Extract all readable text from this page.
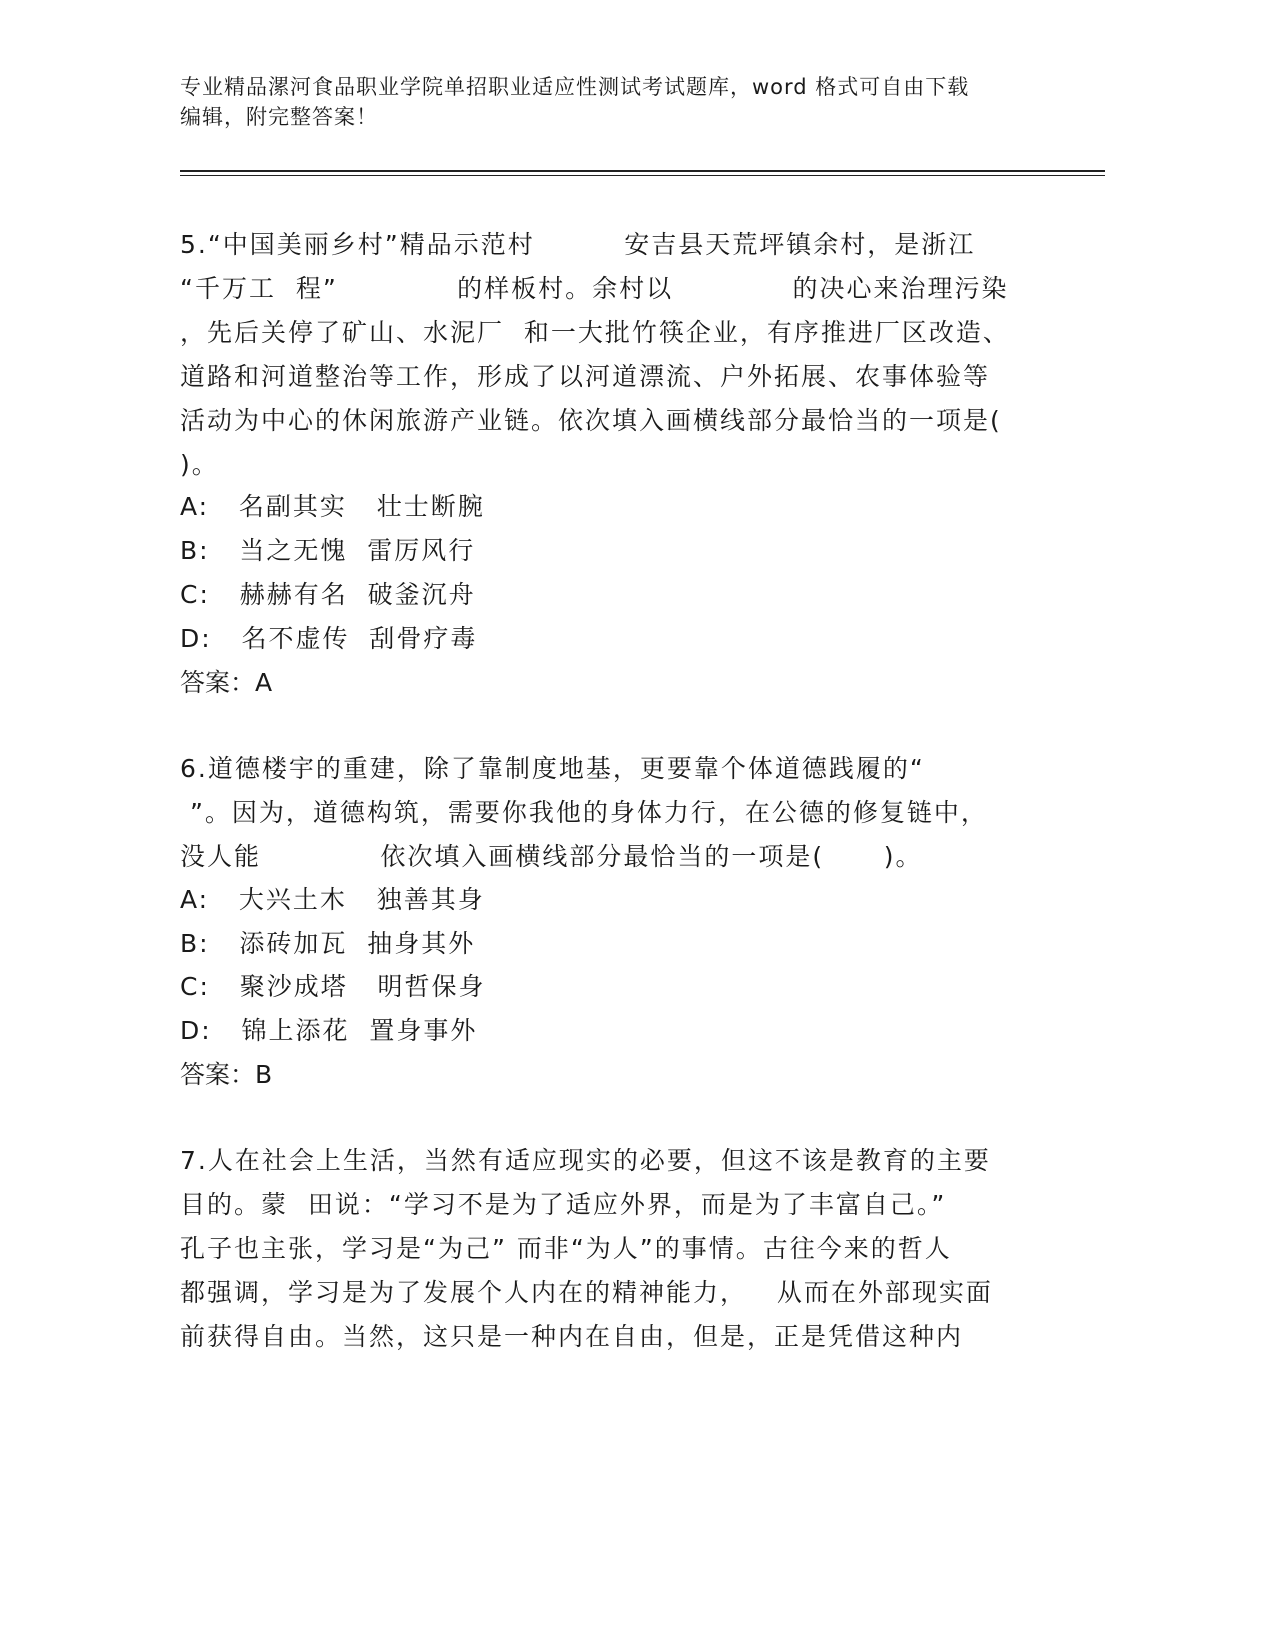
专业精品漯河食品职业学院单招职业适应性测试考试题库，word 格式可自由下载
编辑，附完整答案！
5.“中国美丽乡村”精品示范村         安吉县天荒坪镇余村，是浙江
“千万工  程”            的样板村。余村以            的决心来治理污染
，先后关停了矿山、水泥厂  和一大批竹筷企业，有序推进厂区改造、
道路和河道整治等工作，形成了以河道漂流、户外拓展、农事体验等
活动为中心的休闲旅游产业链。依次填入画横线部分最恰当的一项是(
)。
A:   名副其实   壮士断腕
B:   当之无愧  雷厉风行
C:   赫赫有名  破釜沉舟
D:   名不虚传  刮骨疗毒
答案：A
6.道德楼宇的重建，除了靠制度地基，更要靠个体道德践履的“
”。因为，道德构筑，需要你我他的身体力行，在公德的修复链中，
没人能            依次填入画横线部分最恰当的一项是(      )。
A:   大兴土木   独善其身
B:   添砖加瓦  抽身其外
C:   聚沙成塔   明哲保身
D:   锦上添花  置身事外
答案：B
7.人在社会上生活，当然有适应现实的必要，但这不该是教育的主要
目的。蒙  田说：“学习不是为了适应外界，而是为了丰富自己。”
孔子也主张，学习是“为己” 而非“为人”的事情。古往今来的哲人
都强调，学习是为了发展个人内在的精神能力，   从而在外部现实面
前获得自由。当然，这只是一种内在自由，但是，正是凭借这种内
